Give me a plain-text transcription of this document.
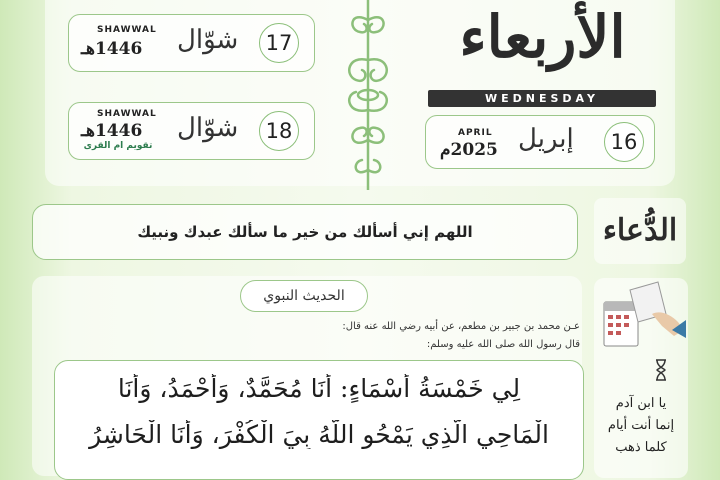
الأربعاء
WEDNESDAY
16
إبريل
APRIL
2025م
17
شوّال
SHAWWAL
1446هـ
18
شوّال
SHAWWAL
1446هـ
تقويم ام القرى
الدُّعاء
اللهم إني أسألك من خير ما سألك عبدك ونبيك
الحديث النبوي
عـن محمد بن جبير بن مطعم، عن أبيه رضي الله عنه قال:
قال رسول الله صلى الله عليه وسلم:
لِي خَمْسَةُ أَسْمَاءٍ: أَنَا مُحَمَّدٌ، وَأَحْمَدُ، وَأَنَا
الْمَاحِي الَّذِي يَمْحُو اللَّهُ بِيَ الْكُفْرَ، وَأَنَا الْحَاشِرُ
يا ابن آدم
إنما أنت أيام
كلما ذهب
